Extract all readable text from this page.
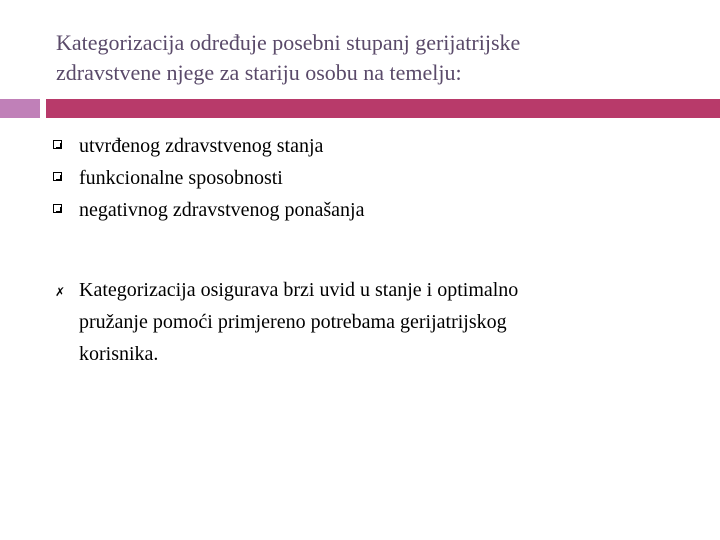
Kategorizacija određuje posebni stupanj gerijatrijske
zdravstvene njege za stariju osobu na temelju:
utvrđenog zdravstvenog stanja
funkcionalne sposobnosti
negativnog zdravstvenog ponašanja
✗ Kategorizacija osigurava brzi uvid u stanje i optimalno
pružanje pomoći primjereno potrebama gerijatrijskog
korisnika.
